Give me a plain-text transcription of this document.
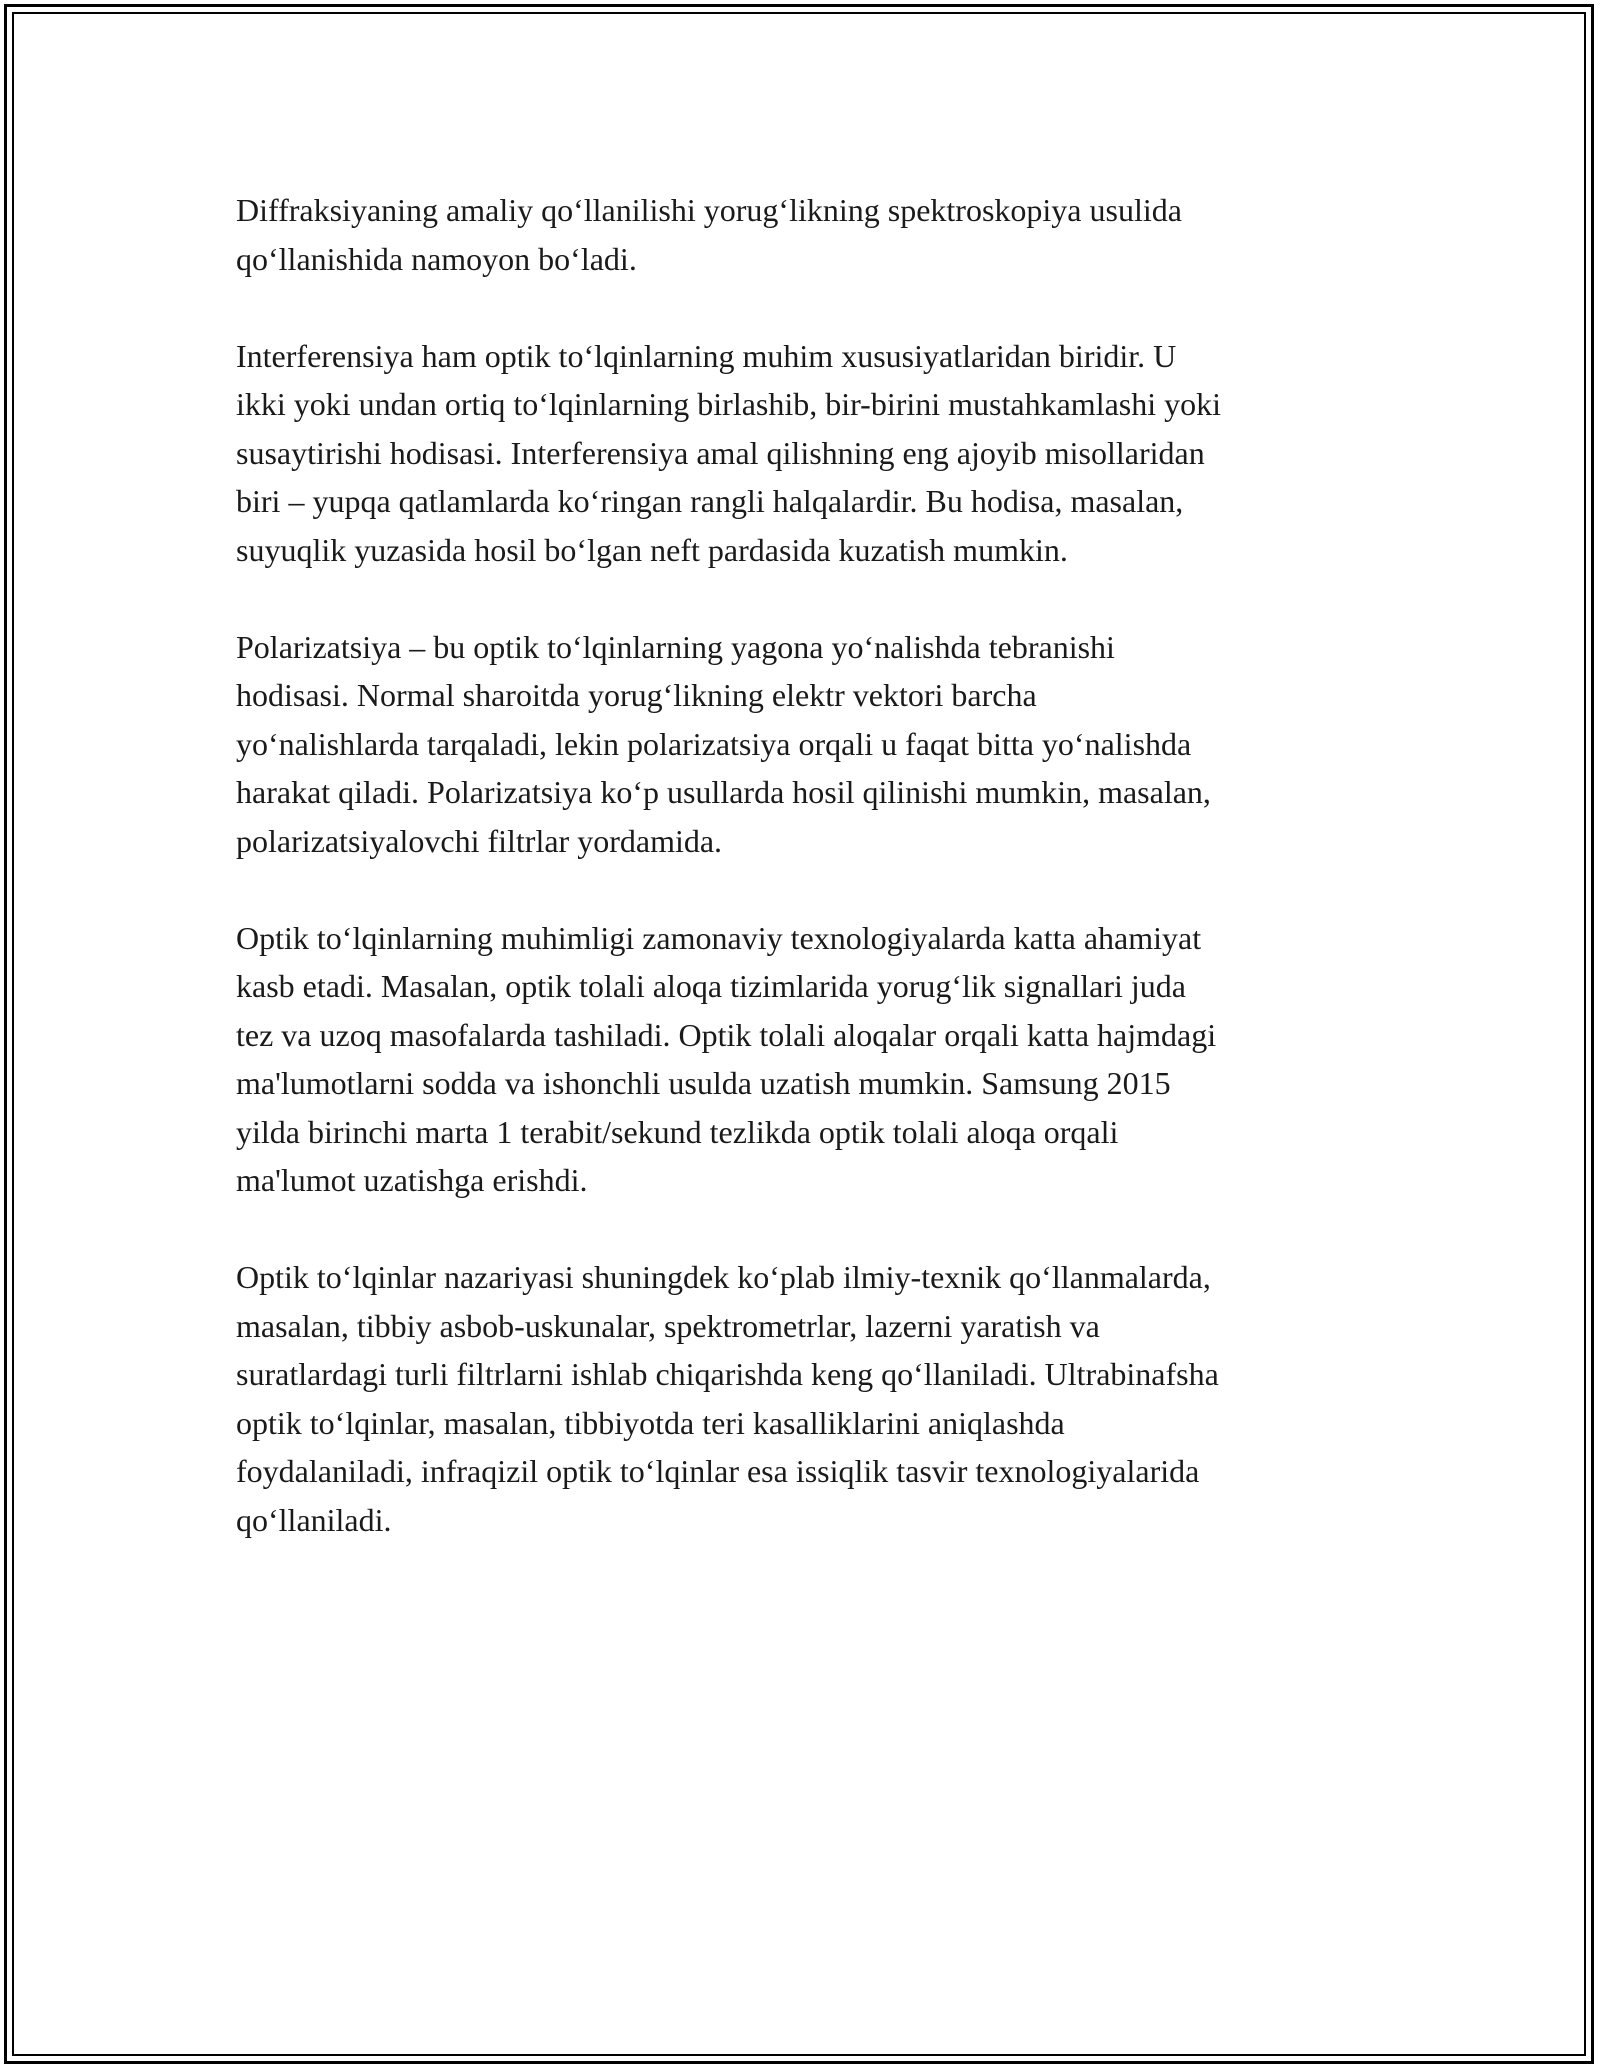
Diffraksiyaning amaliy qo‘llanilishi yorug‘likning spektroskopiya usulida
qo‘llanishida namoyon bo‘ladi.

Interferensiya ham optik to‘lqinlarning muhim xususiyatlaridan biridir. U
ikki yoki undan ortiq to‘lqinlarning birlashib, bir-birini mustahkamlashi yoki
susaytirishi hodisasi. Interferensiya amal qilishning eng ajoyib misollaridan
biri – yupqa qatlamlarda ko‘ringan rangli halqalardir. Bu hodisa, masalan,
suyuqlik yuzasida hosil bo‘lgan neft pardasida kuzatish mumkin.

Polarizatsiya – bu optik to‘lqinlarning yagona yo‘nalishda tebranishi
hodisasi. Normal sharoitda yorug‘likning elektr vektori barcha
yo‘nalishlarda tarqaladi, lekin polarizatsiya orqali u faqat bitta yo‘nalishda
harakat qiladi. Polarizatsiya ko‘p usullarda hosil qilinishi mumkin, masalan,
polarizatsiyalovchi filtrlar yordamida.

Optik to‘lqinlarning muhimligi zamonaviy texnologiyalarda katta ahamiyat
kasb etadi. Masalan, optik tolali aloqa tizimlarida yorug‘lik signallari juda
tez va uzoq masofalarda tashiladi. Optik tolali aloqalar orqali katta hajmdagi
ma'lumotlarni sodda va ishonchli usulda uzatish mumkin. Samsung 2015
yilda birinchi marta 1 terabit/sekund tezlikda optik tolali aloqa orqali
ma'lumot uzatishga erishdi.

Optik to‘lqinlar nazariyasi shuningdek ko‘plab ilmiy-texnik qo‘llanmalarda,
masalan, tibbiy asbob-uskunalar, spektrometrlar, lazerni yaratish va
suratlardagi turli filtrlarni ishlab chiqarishda keng qo‘llaniladi. Ultrabinafsha
optik to‘lqinlar, masalan, tibbiyotda teri kasalliklarini aniqlashda
foydalaniladi, infraqizil optik to‘lqinlar esa issiqlik tasvir texnologiyalarida
qo‘llaniladi.
